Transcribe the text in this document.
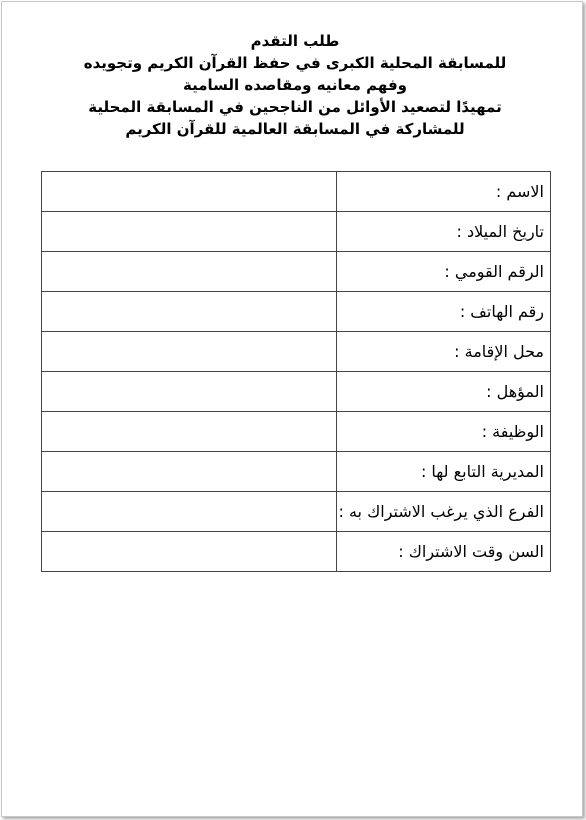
طلب التقدم
للمسابقة المحلية الكبرى في حفظ القرآن الكريم وتجويده
وفهم معانيه ومقاصده السامية
تمهيدًا لتصعيد الأوائل من الناجحين في المسابقة المحلية
للمشاركة في المسابقة العالمية للقرآن الكريم
الاسم :	
تاريخ الميلاد :	
الرقم القومي :	
رقم الهاتف :	
محل الإقامة :	
المؤهل :	
الوظيفة :	
المديرية التابع لها :	
الفرع الذي يرغب الاشتراك به :	
السن وقت الاشتراك :	
